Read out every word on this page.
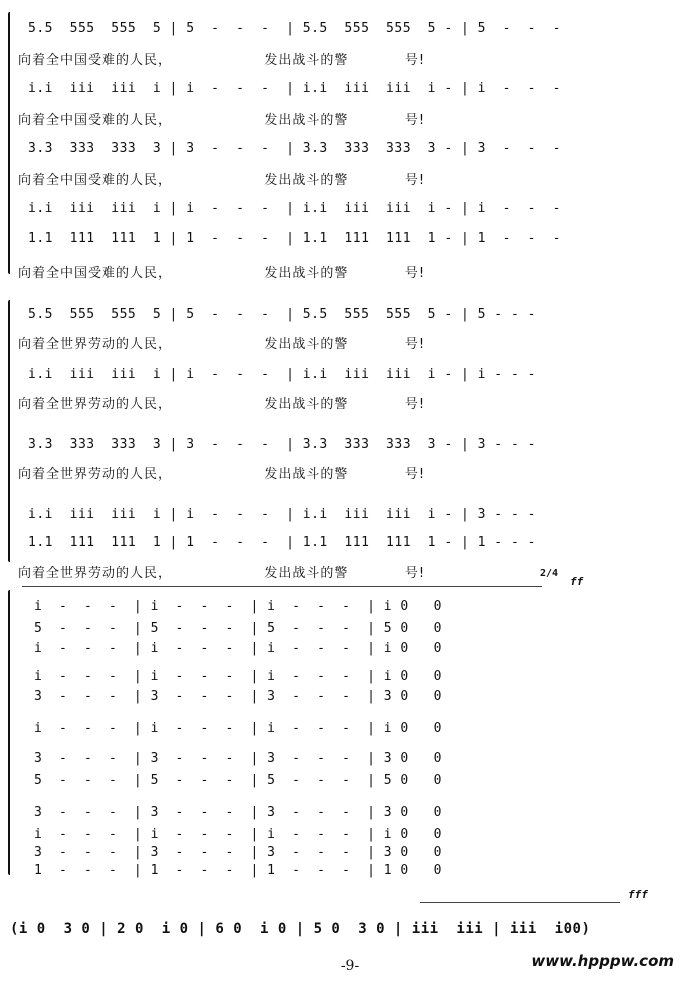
5.5  555  555  5 | 5  -  -  -  | 5.5  555  555  5 - | 5  -  -  -
向着全中国受难的人民，                  发出战斗的警           号!
i.i  iii  iii  i | i  -  -  -  | i.i  iii  iii  i - | i  -  -  -
向着全中国受难的人民，                  发出战斗的警           号!
3.3  333  333  3 | 3  -  -  -  | 3.3  333  333  3 - | 3  -  -  -
向着全中国受难的人民，                  发出战斗的警           号!
i.i  iii  iii  i | i  -  -  -  | i.i  iii  iii  i - | i  -  -  -
1.1  111  111  1 | 1  -  -  -  | 1.1  111  111  1 - | 1  -  -  -
向着全中国受难的人民，                  发出战斗的警           号!
5.5  555  555  5 | 5  -  -  -  | 5.5  555  555  5 - | 5 - - -
向着全世界劳动的人民，                  发出战斗的警           号!
i.i  iii  iii  i | i  -  -  -  | i.i  iii  iii  i - | i - - -
向着全世界劳动的人民，                  发出战斗的警           号!
3.3  333  333  3 | 3  -  -  -  | 3.3  333  333  3 - | 3 - - -
向着全世界劳动的人民，                  发出战斗的警           号!
i.i  iii  iii  i | i  -  -  -  | i.i  iii  iii  i - | 3 - - -
1.1  111  111  1 | 1  -  -  -  | 1.1  111  111  1 - | 1 - - -
向着全世界劳动的人民，                  发出战斗的警           号!
ff
2/4
i  -  -  -  | i  -  -  -  | i  -  -  -  | i 0   0
5  -  -  -  | 5  -  -  -  | 5  -  -  -  | 5 0   0
i  -  -  -  | i  -  -  -  | i  -  -  -  | i 0   0
i  -  -  -  | i  -  -  -  | i  -  -  -  | i 0   0
3  -  -  -  | 3  -  -  -  | 3  -  -  -  | 3 0   0
i  -  -  -  | i  -  -  -  | i  -  -  -  | i 0   0
3  -  -  -  | 3  -  -  -  | 3  -  -  -  | 3 0   0
5  -  -  -  | 5  -  -  -  | 5  -  -  -  | 5 0   0
3  -  -  -  | 3  -  -  -  | 3  -  -  -  | 3 0   0
i  -  -  -  | i  -  -  -  | i  -  -  -  | i 0   0
3  -  -  -  | 3  -  -  -  | 3  -  -  -  | 3 0   0
1  -  -  -  | 1  -  -  -  | 1  -  -  -  | 1 0   0
fff
(i 0  3 0 | 2 0  i 0 | 6 0  i 0 | 5 0  3 0 | iii  iii | iii  i00)
-9-	www.hpppw.com
